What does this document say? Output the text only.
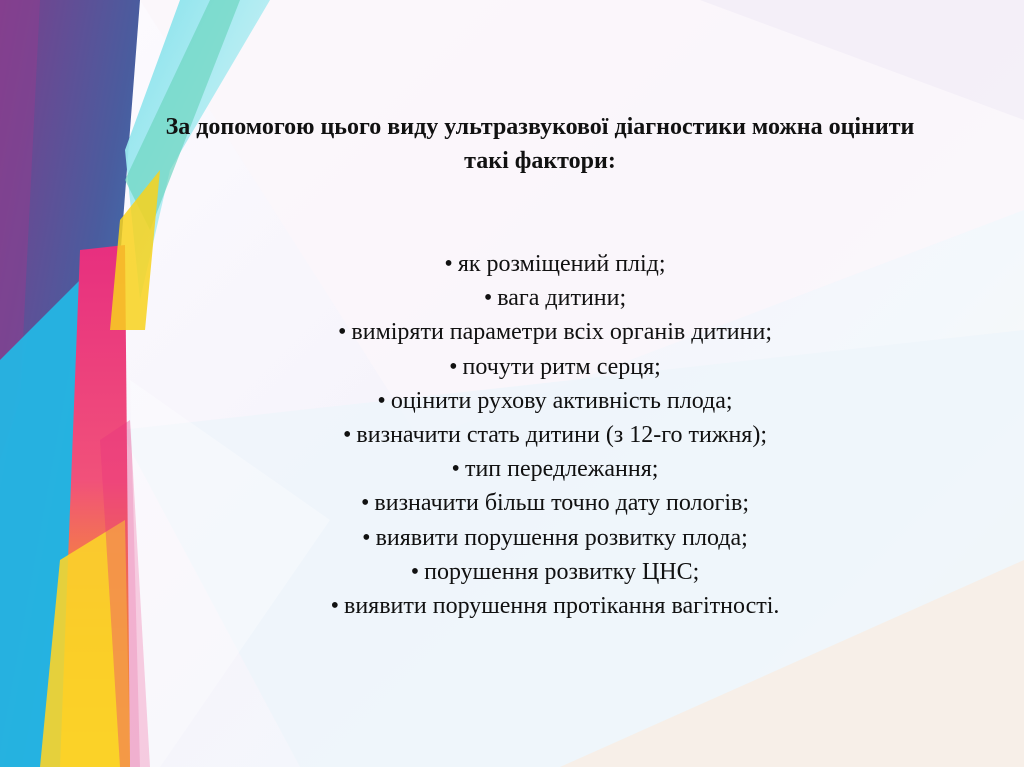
За допомогою цього виду ультразвукової діагностики можна оцінити
такі фактори:
• як розміщений плід;
• вага дитини;
• виміряти параметри всіх органів дитини;
• почути ритм серця;
• оцінити рухову активність плода;
• визначити стать дитини (з 12-го тижня);
• тип передлежання;
• визначити більш точно дату пологів;
• виявити порушення розвитку плода;
• порушення розвитку ЦНС;
• виявити порушення протікання вагітності.
